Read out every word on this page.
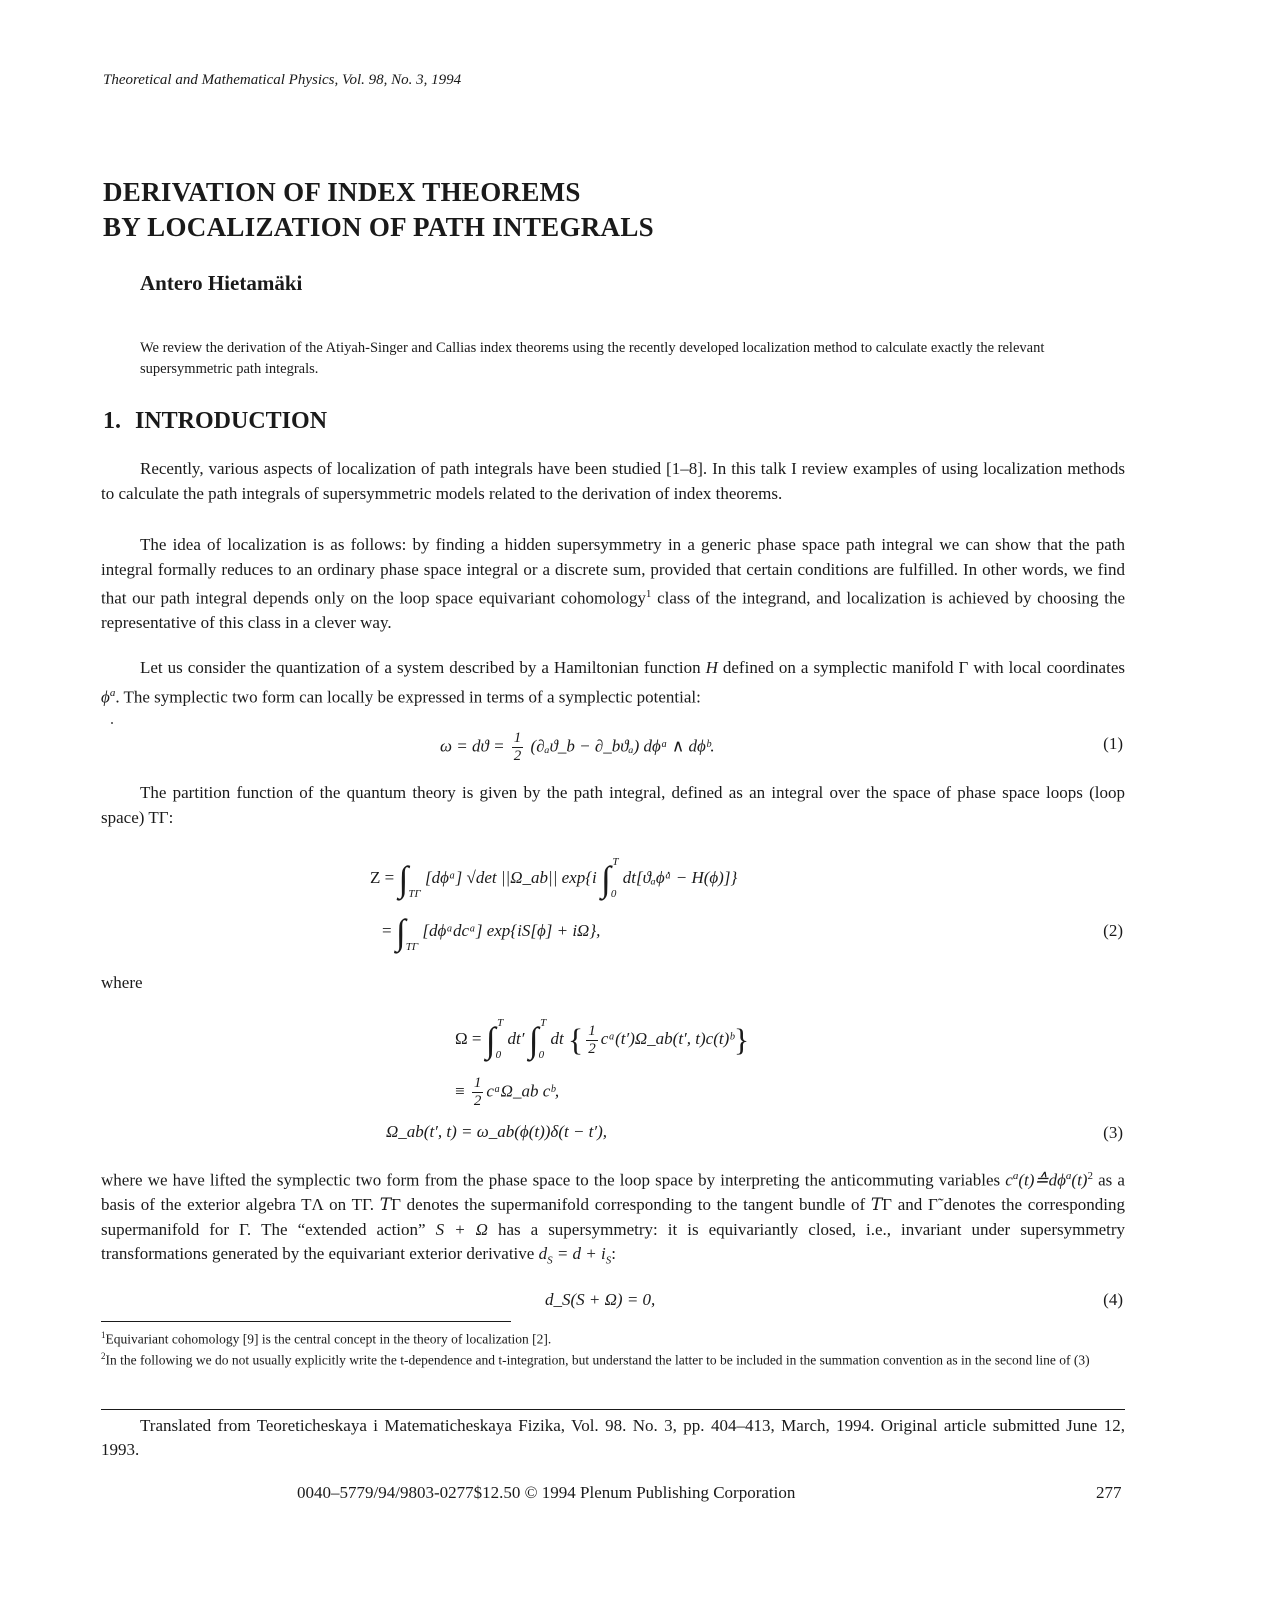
Theoretical and Mathematical Physics, Vol. 98, No. 3, 1994
DERIVATION OF INDEX THEOREMS
BY LOCALIZATION OF PATH INTEGRALS
Antero Hietamäki
We review the derivation of the Atiyah-Singer and Callias index theorems using the recently developed localization method to calculate exactly the relevant supersymmetric path integrals.
1. INTRODUCTION

Recently, various aspects of localization of path integrals have been studied [1–8]. In this talk I review examples of using localization methods to calculate the path integrals of supersymmetric models related to the derivation of index theorems.

The idea of localization is as follows: by finding a hidden supersymmetry in a generic phase space path integral we can show that the path integral formally reduces to an ordinary phase space integral or a discrete sum, provided that certain conditions are fulfilled. In other words, we find that our path integral depends only on the loop space equivariant cohomology$^1$ class of the integrand, and localization is achieved by choosing the representative of this class in a clever way.

Let us consider the quantization of a system described by a Hamiltonian function H defined on a symplectic manifold Γ with local coordinates $\phi^a$. The symplectic two form can locally be expressed in terms of a symplectic potential:

$\omega = dϑ = \frac{1}{2}$ (∂ₐϑ_b − ∂_bϑₐ) dϕᵃ ∧ dϕᵇ.	(1)

The partition function of the quantum theory is given by the path integral, defined as an integral over the space of phase space loops (loop space) TΓ:

$Z = \int_{T\Gamma}$ [dϕᵃ] √det ||Ω_ab|| exp{i $\int_0^T$ dt[ϑₐϕ̇ᵃ − H(ϕ)]}
= $\int_{T\Gamma}$ [dϕᵃdcᵃ] exp{iS[ϕ] + iΩ},	(2)
where
$\Omega = \int_0^T$ dt′ $\int_0^T$ dt { $\frac{1}{2}$ cᵃ(t′)Ω_ab(t′, t)c(t)ᵇ}
≡ $\frac{1}{2}$ cᵃΩ_ab cᵇ,
Ω_ab(t′, t) = ω_ab(ϕ(t))δ(t − t′),	(3)

where we have lifted the symplectic two form from the phase space to the loop space by interpreting the anticommuting variables $c^a(t)≙d\phi^a(t)^2$ as a basis of the exterior algebra TΛ on TΓ. 𝑇Γ denotes the supermanifold corresponding to the tangent bundle of 𝑇Γ and Γ̃ denotes the corresponding supermanifold for Γ. The “extended action” S + Ω has a supersymmetry: it is equivariantly closed, i.e., invariant under supersymmetry transformations generated by the equivariant exterior derivative $d_S = d + i_S$:

d_S(S + Ω) = 0,	(4)
$^1$Equivariant cohomology [9] is the central concept in the theory of localization [2].
$^2$In the following we do not usually explicitly write the t-dependence and t-integration, but understand the latter to be included in the summation convention as in the second line of (3)
Translated from Teoreticheskaya i Matematicheskaya Fizika, Vol. 98. No. 3, pp. 404–413, March, 1994. Original article submitted June 12, 1993.
0040–5779/94/9803-0277$12.50 © 1994 Plenum Publishing Corporation	277
